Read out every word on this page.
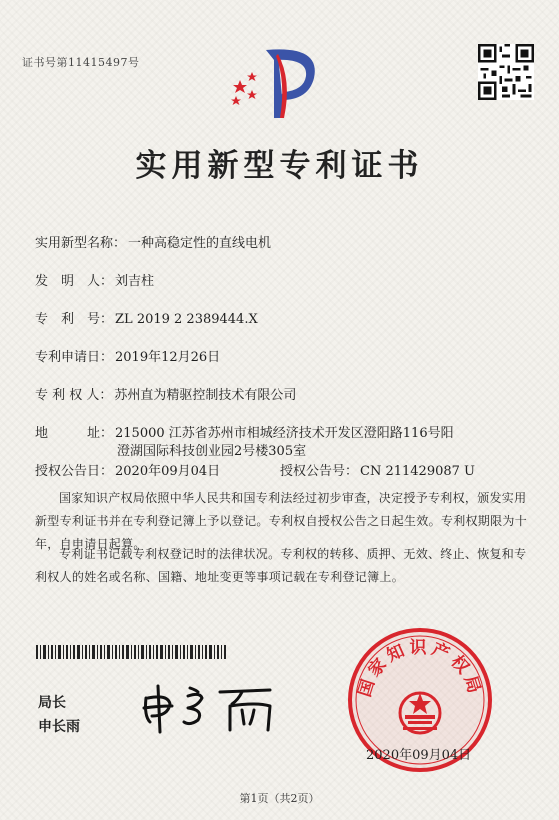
证书号第11415497号
实用新型专利证书
实用新型名称： 一种高稳定性的直线电机
发　明　人： 刘吉柱
专　利　号： ZL 2019 2 2389444.X
专利申请日： 2019年12月26日
专 利 权 人： 苏州直为精驱控制技术有限公司
地　　　址： 215000 江苏省苏州市相城经济技术开发区澄阳路116号阳
澄湖国际科技创业园2号楼305室
授权公告日： 2020年09月04日	授权公告号： CN 211429087 U
国家知识产权局依照中华人民共和国专利法经过初步审查，决定授予专利权，颁发实用新型专利证书并在专利登记簿上予以登记。专利权自授权公告之日起生效。专利权期限为十年，自申请日起算。
专利证书记载专利权登记时的法律状况。专利权的转移、质押、无效、终止、恢复和专利权人的姓名或名称、国籍、地址变更等事项记载在专利登记簿上。
局长
申长雨
国家知识产权局
2020年09月04日
第1页（共2页）
